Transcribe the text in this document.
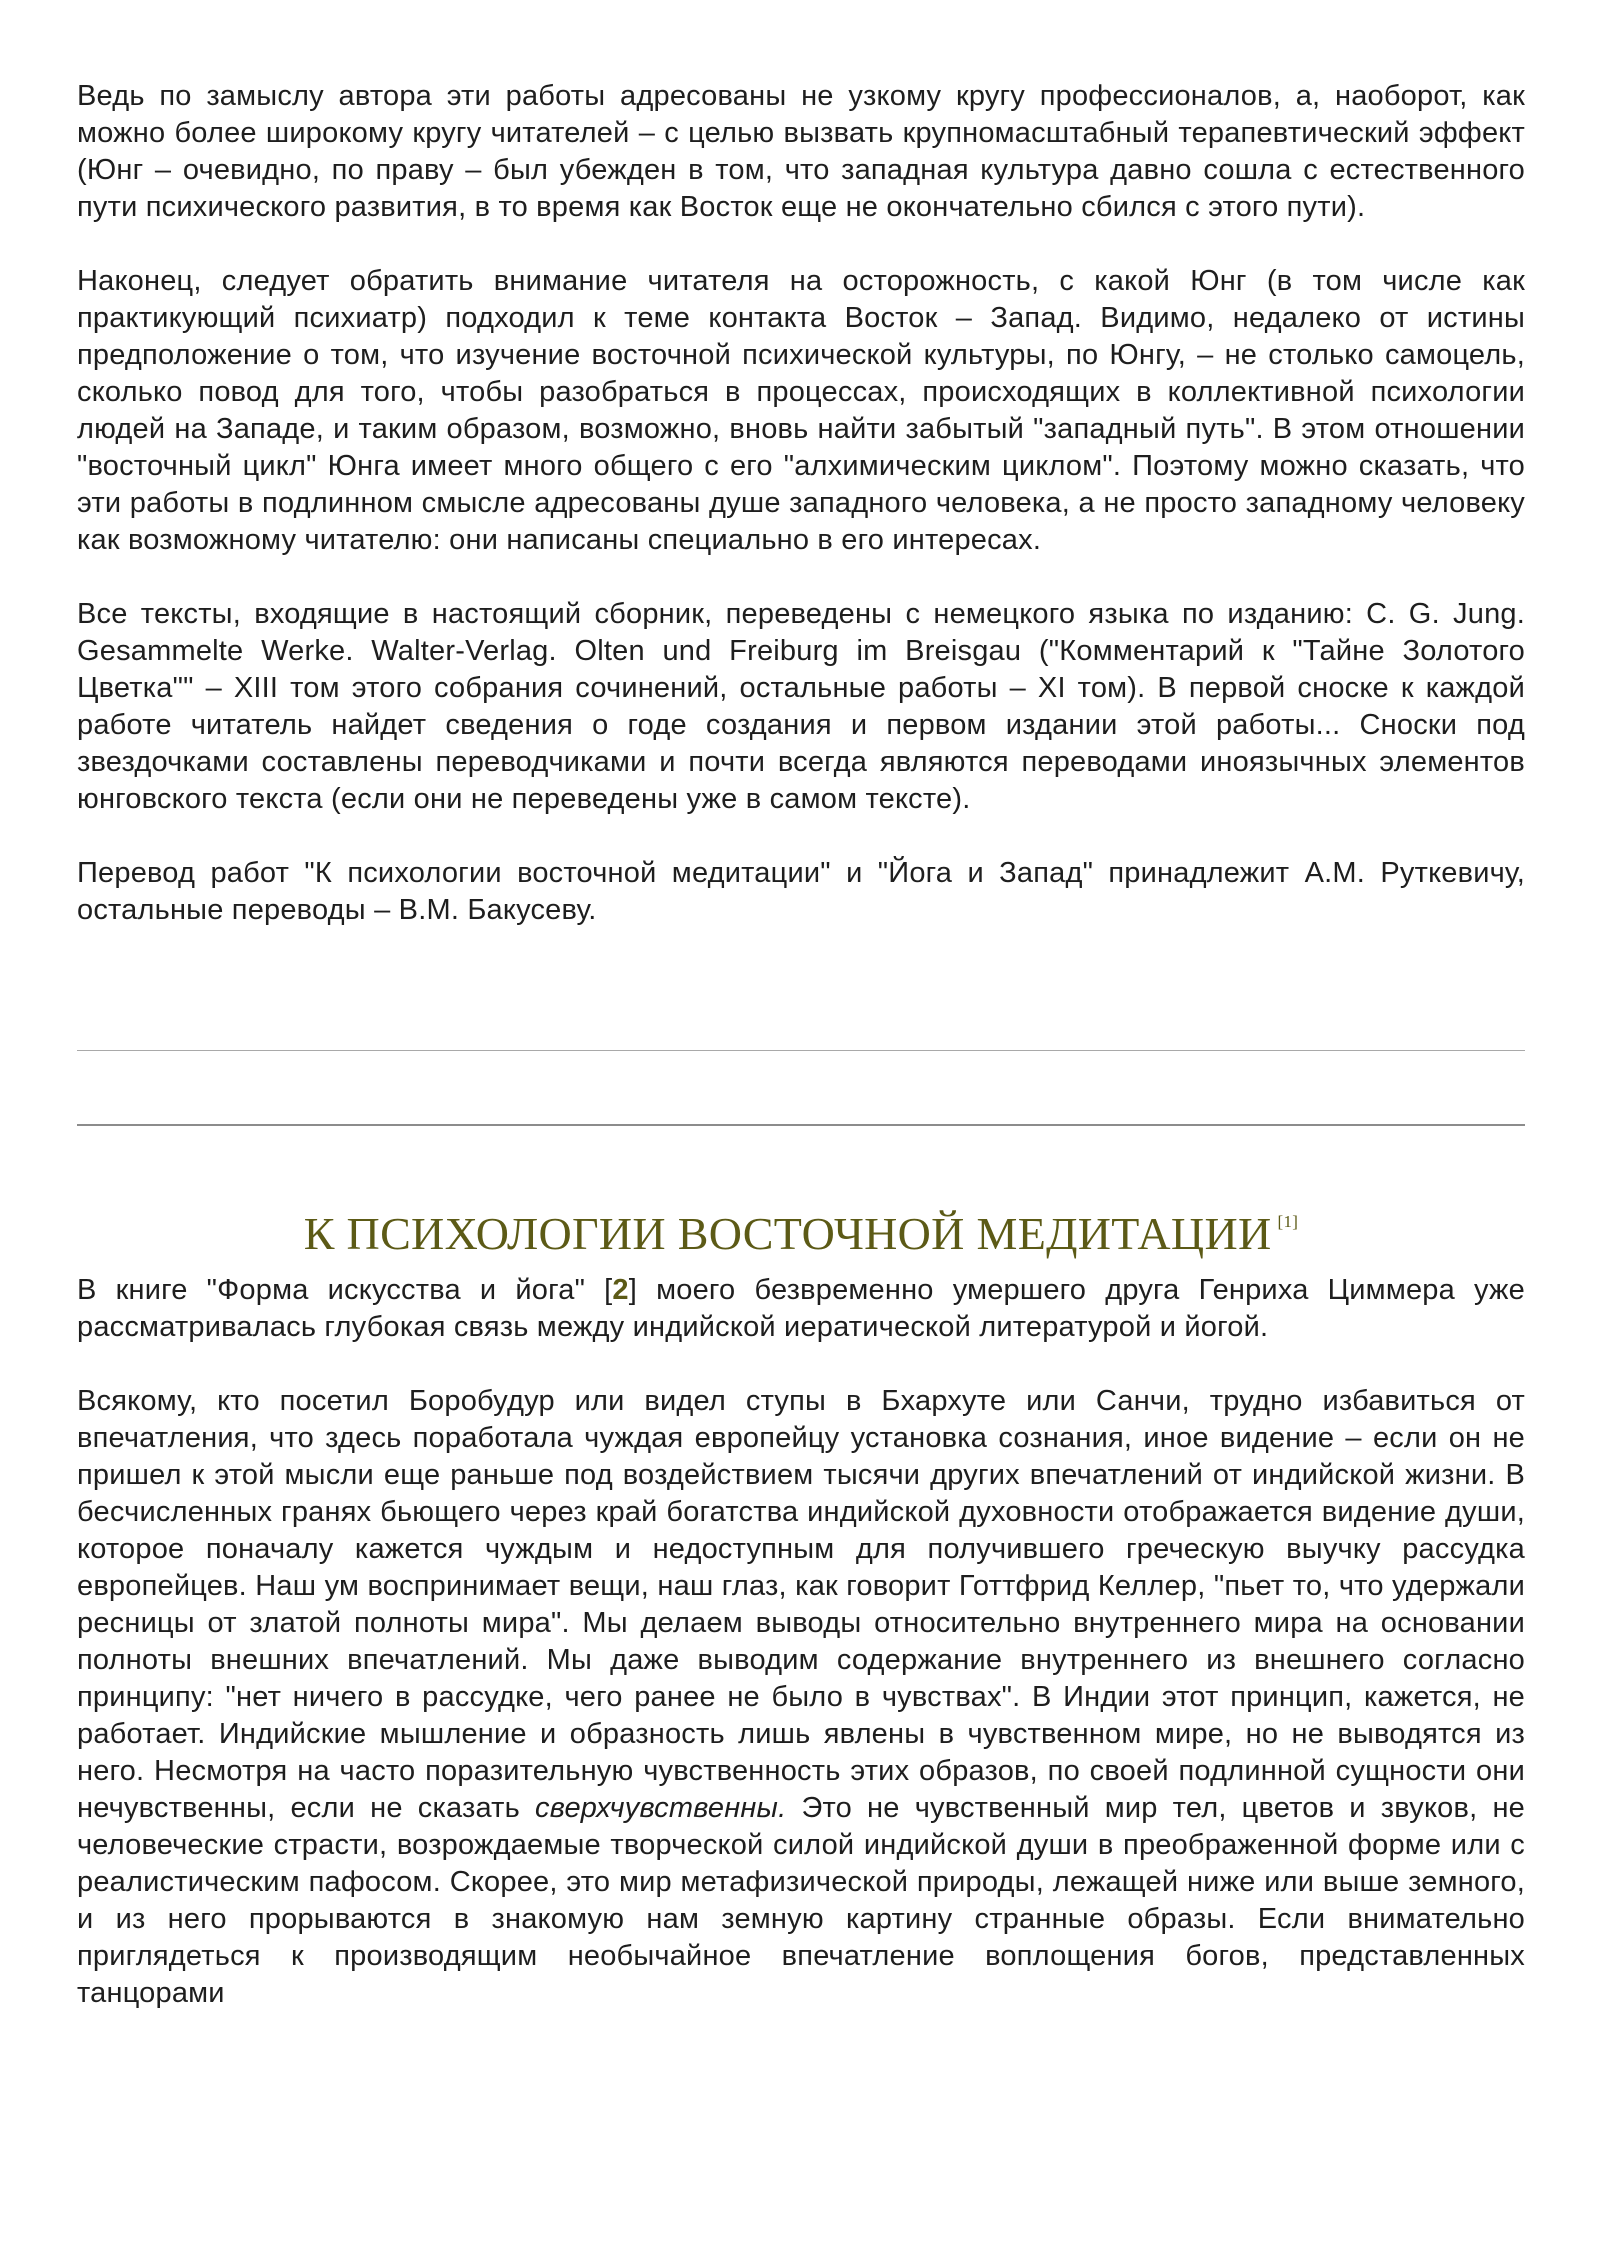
Ведь по замыслу автора эти работы адресованы не узкому кругу профессионалов, а, наоборот, как можно более широкому кругу читателей – с целью вызвать крупномасштабный терапевтический эффект (Юнг – очевидно, по праву – был убежден в том, что западная культура давно сошла с естественного пути психического развития, в то время как Восток еще не окончательно сбился с этого пути).

Наконец, следует обратить внимание читателя на осторожность, с какой Юнг (в том числе как практикующий психиатр) подходил к теме контакта Восток – Запад. Видимо, недалеко от истины предположение о том, что изучение восточной психической культуры, по Юнгу, – не столько самоцель, сколько повод для того, чтобы разобраться в процессах, происходящих в коллективной психологии людей на Западе, и таким образом, возможно, вновь найти забытый "западный путь". В этом отношении "восточный цикл" Юнга имеет много общего с его "алхимическим циклом". Поэтому можно сказать, что эти работы в подлинном смысле адресованы душе западного человека, а не просто западному человеку как возможному читателю: они написаны специально в его интересах.

Все тексты, входящие в настоящий сборник, переведены с немецкого языка по изданию: C. G. Jung. Gesammelte Werke. Walter-Verlag. Olten und Freiburg im Breisgau ("Комментарий к "Тайне Золотого Цветка"" – XIII том этого собрания сочинений, остальные работы – XI том). В первой сноске к каждой работе читатель найдет сведения о годе создания и первом издании этой работы... Сноски под звездочками составлены переводчиками и почти всегда являются переводами иноязычных элементов юнговского текста (если они не переведены уже в самом тексте).

Перевод работ "К психологии восточной медитации" и "Йога и Запад" принадлежит А.М. Руткевичу, остальные переводы – В.М. Бакусеву.

К ПСИХОЛОГИИ ВОСТОЧНОЙ МЕДИТАЦИИ [1]

В книге "Форма искусства и йога" [2] моего безвременно умершего друга Генриха Циммера уже рассматривалась глубокая связь между индийской иератической литературой и йогой.

Всякому, кто посетил Боробудур или видел ступы в Бхархуте или Санчи, трудно избавиться от впечатления, что здесь поработала чуждая европейцу установка сознания, иное видение – если он не пришел к этой мысли еще раньше под воздействием тысячи других впечатлений от индийской жизни. В бесчисленных гранях бьющего через край богатства индийской духовности отображается видение души, которое поначалу кажется чуждым и недоступным для получившего греческую выучку рассудка европейцев. Наш ум воспринимает вещи, наш глаз, как говорит Готтфрид Келлер, "пьет то, что удержали ресницы от златой полноты мира". Мы делаем выводы относительно внутреннего мира на основании полноты внешних впечатлений. Мы даже выводим содержание внутреннего из внешнего согласно принципу: "нет ничего в рассудке, чего ранее не было в чувствах". В Индии этот принцип, кажется, не работает. Индийские мышление и образность лишь явлены в чувственном мире, но не выводятся из него. Несмотря на часто поразительную чувственность этих образов, по своей подлинной сущности они нечувственны, если не сказать сверхчувственны. Это не чувственный мир тел, цветов и звуков, не человеческие страсти, возрождаемые творческой силой индийской души в преображенной форме или с реалистическим пафосом. Скорее, это мир метафизической природы, лежащей ниже или выше земного, и из него прорываются в знакомую нам земную картину странные образы. Если внимательно приглядеться к производящим необычайное впечатление воплощения богов, представленных танцорами
